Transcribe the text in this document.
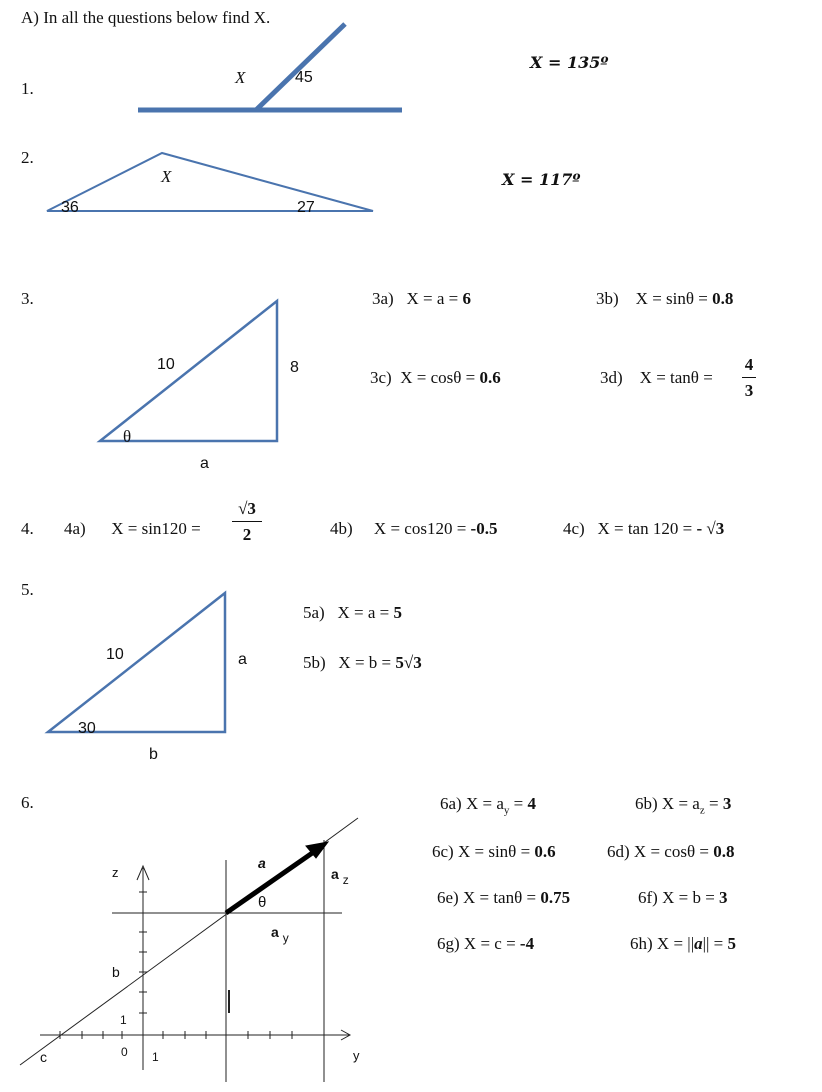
A) In all the questions below find X.
1.
X	45
X = 135º
2.
X
36	27
X = 117º
3.
10	8
a
θ
3a) X = a = 6	3b) X = sinθ = 0.8
3c) X = cosθ = 0.6	3d) X = tanθ =
4
3
4. 4a) X = sin120 =
√3
2	4b) X = cos120 = -0.5	4c) X = tan 120 = - √3
5.
10	a
b
30
5a) X = a = 5
5b) X = b = 5√3
6.
a
a z
a y
θ
z
y
b
c
1
1
0
6a) $X = a_y = 4$	6b) $X = a_z = 3$
6c) X = sinθ = 0.6	6d) X = cosθ = 0.8
6e) X = tanθ = 0.75	6f) X = b = 3
6g) X = c = -4	6h) X = ||a|| = 5
